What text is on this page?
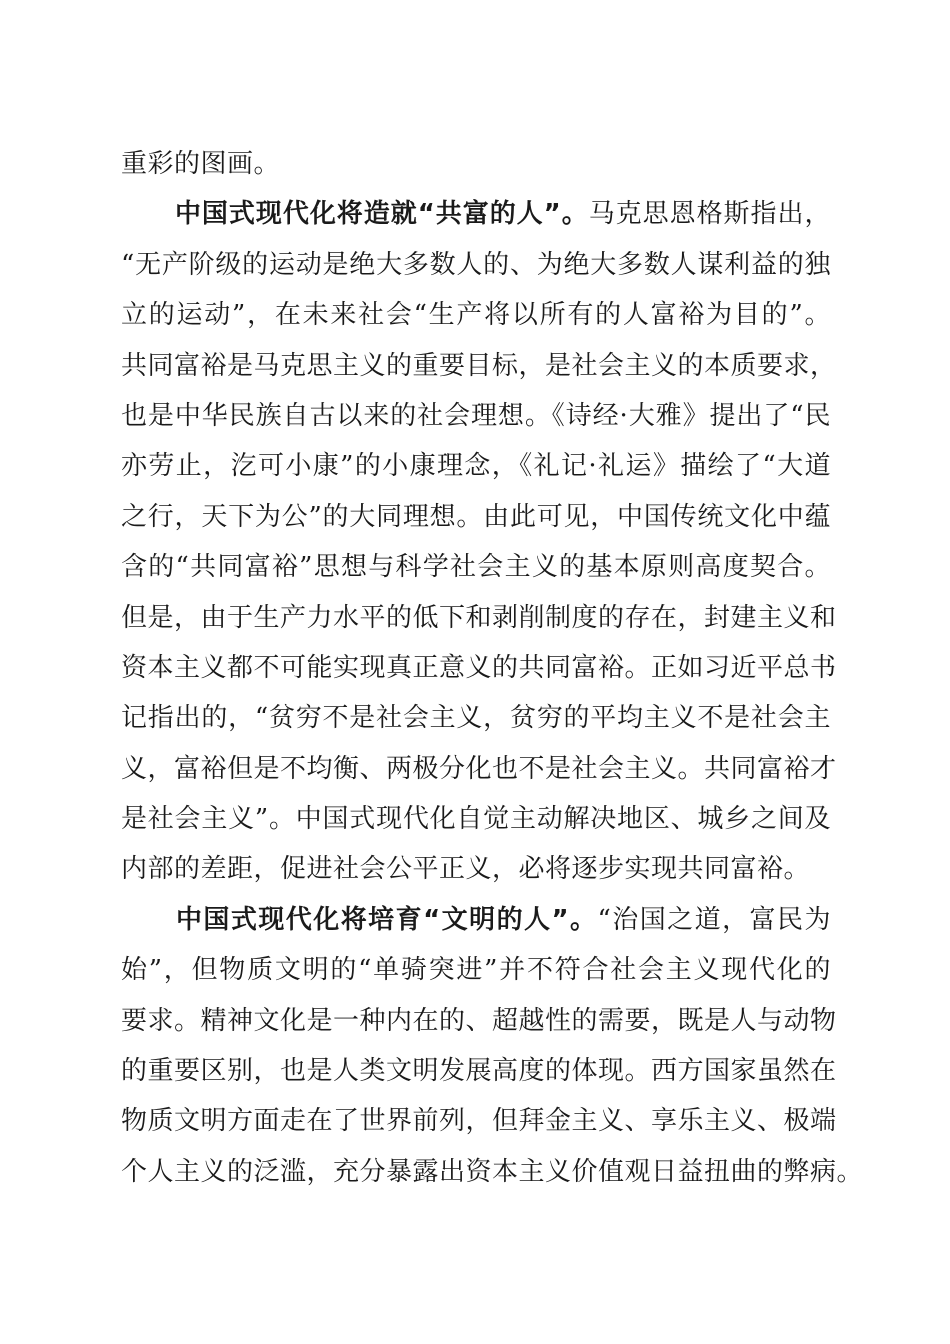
重彩的图画。
　　中国式现代化将造就“共富的人”。马克思恩格斯指出，
“无产阶级的运动是绝大多数人的、为绝大多数人谋利益的独
立的运动”，在未来社会“生产将以所有的人富裕为目的”。
共同富裕是马克思主义的重要目标，是社会主义的本质要求，
也是中华民族自古以来的社会理想。《诗经·大雅》提出了“民
亦劳止，汔可小康”的小康理念，《礼记·礼运》描绘了“大道
之行，天下为公”的大同理想。由此可见，中国传统文化中蕴
含的“共同富裕”思想与科学社会主义的基本原则高度契合。
但是，由于生产力水平的低下和剥削制度的存在，封建主义和
资本主义都不可能实现真正意义的共同富裕。正如习近平总书
记指出的，“贫穷不是社会主义，贫穷的平均主义不是社会主
义，富裕但是不均衡、两极分化也不是社会主义。共同富裕才
是社会主义”。中国式现代化自觉主动解决地区、城乡之间及
内部的差距，促进社会公平正义，必将逐步实现共同富裕。
　　中国式现代化将培育“文明的人”。“治国之道，富民为
始”，但物质文明的“单骑突进”并不符合社会主义现代化的
要求。精神文化是一种内在的、超越性的需要，既是人与动物
的重要区别，也是人类文明发展高度的体现。西方国家虽然在
物质文明方面走在了世界前列，但拜金主义、享乐主义、极端
个人主义的泛滥，充分暴露出资本主义价值观日益扭曲的弊病。
